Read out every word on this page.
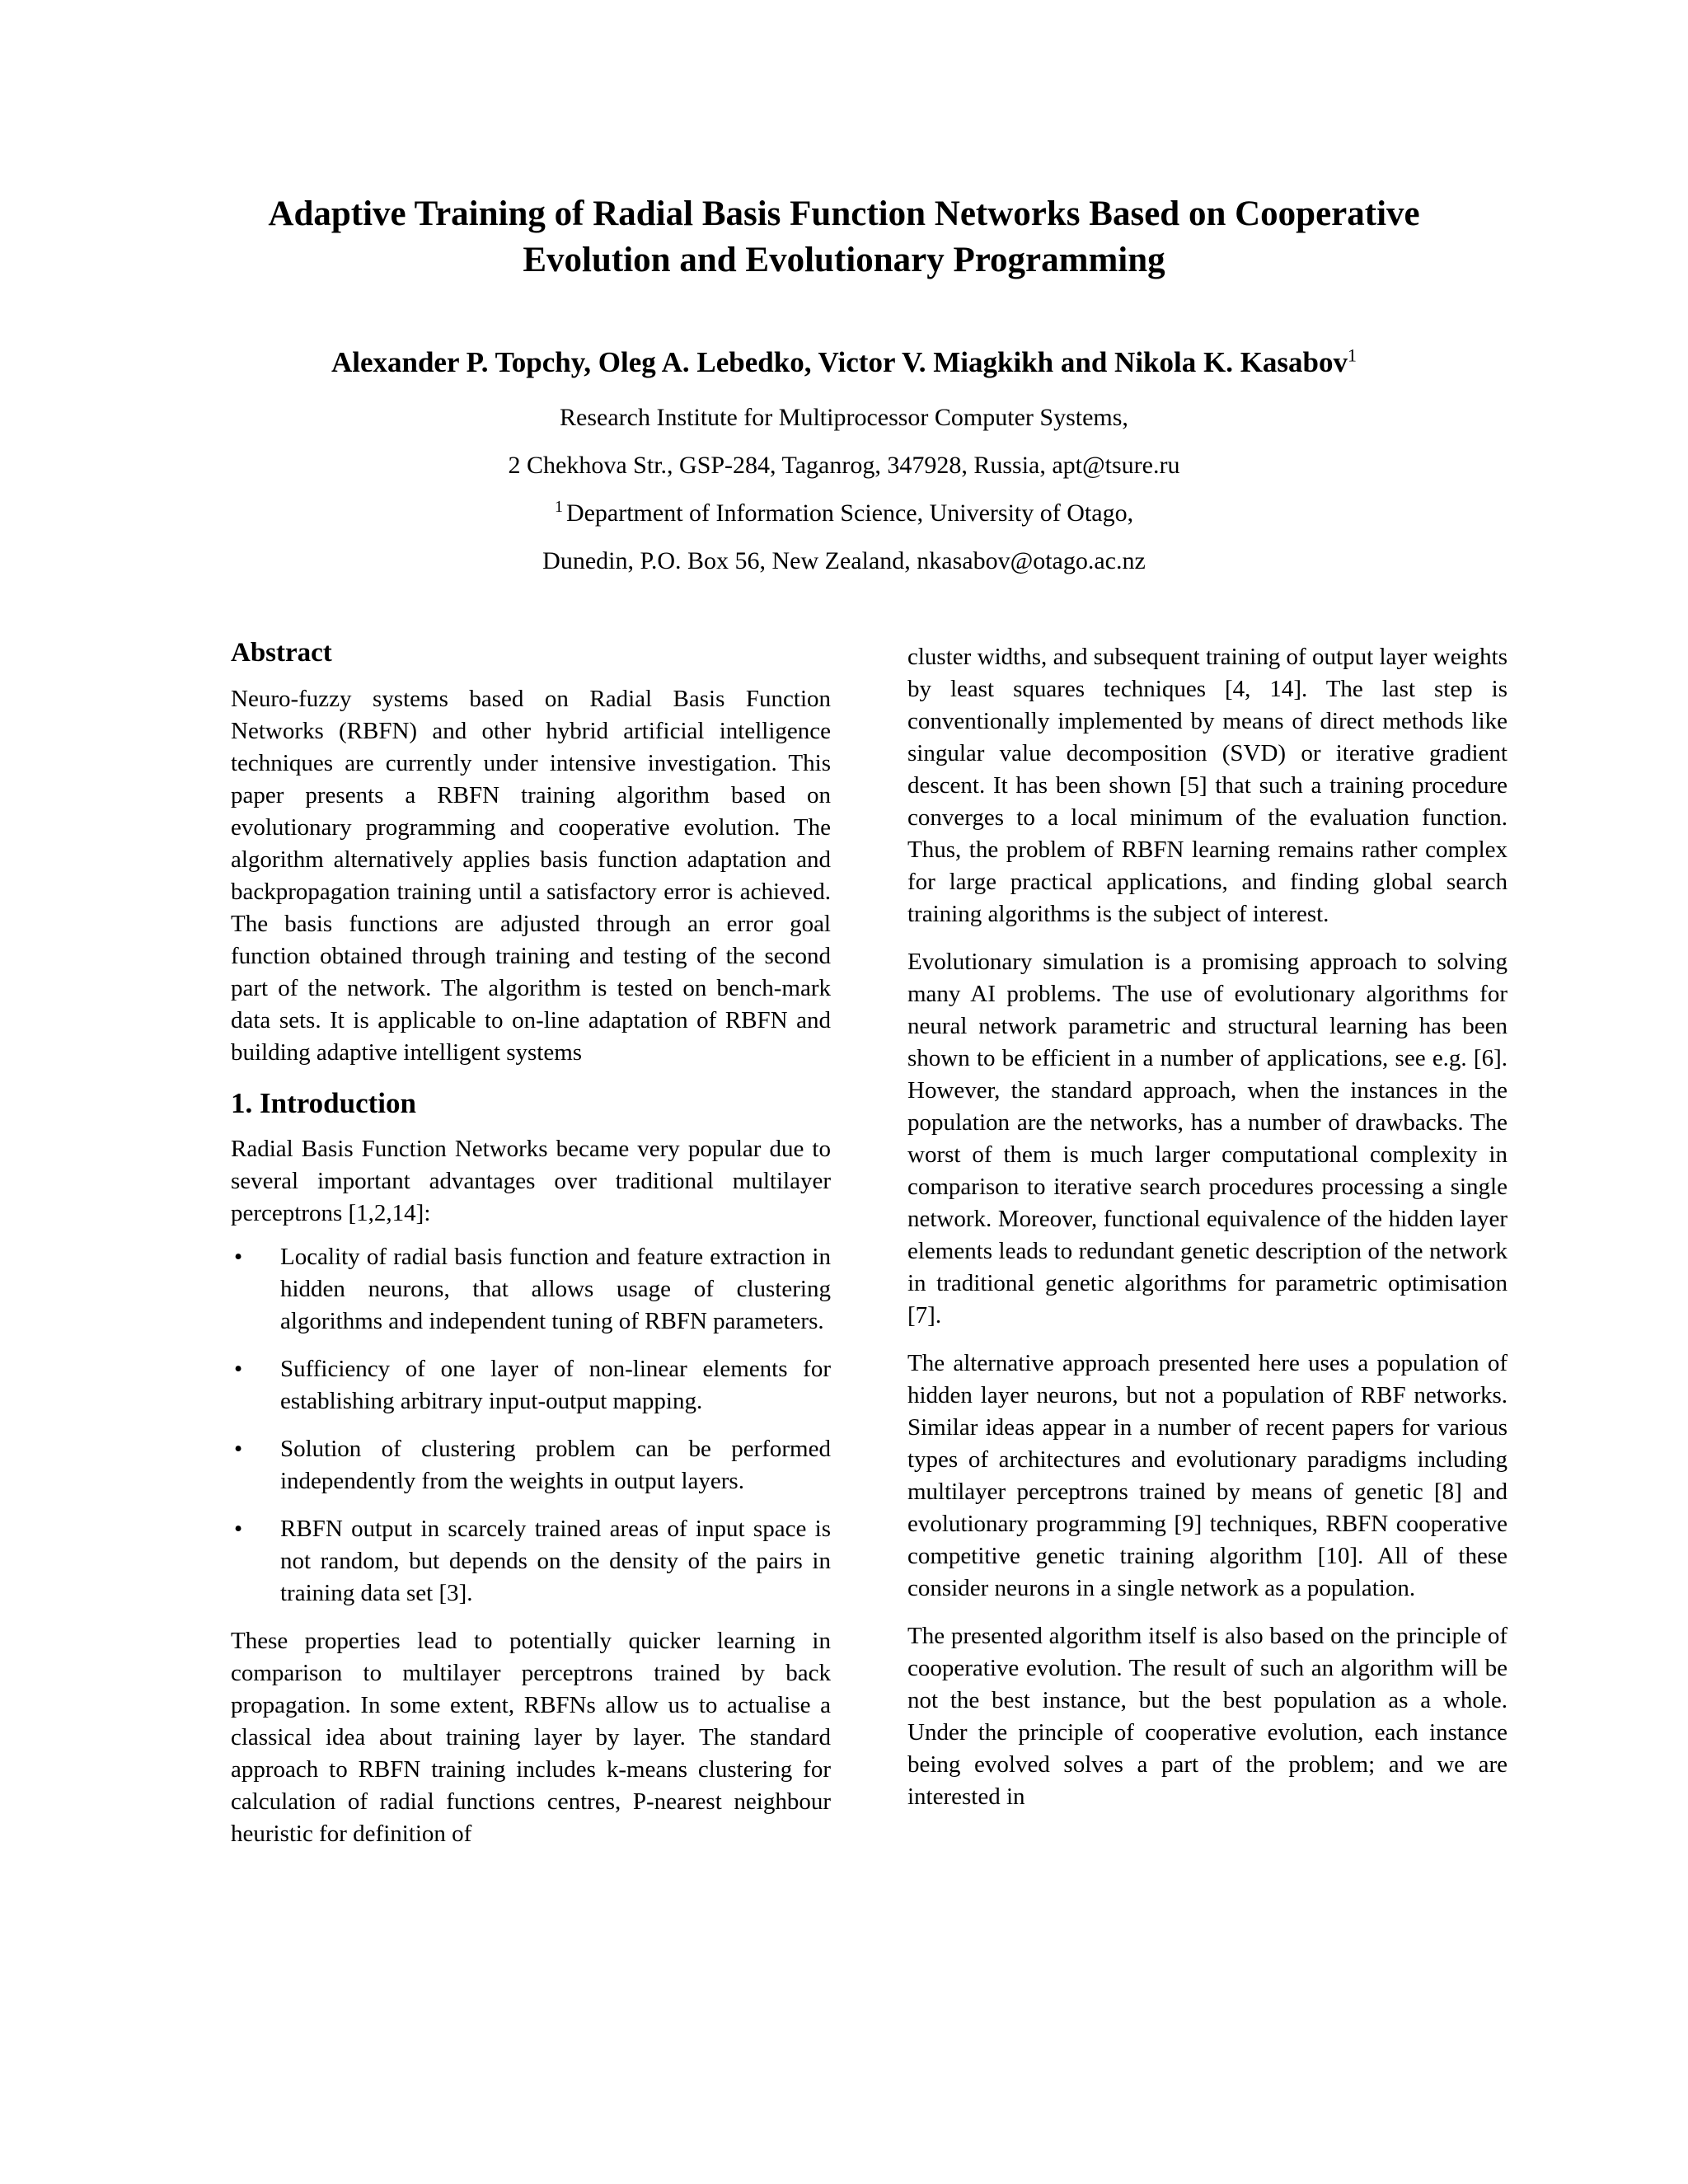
Adaptive Training of Radial Basis Function Networks Based on Cooperative
Evolution and Evolutionary Programming
Alexander P. Topchy, Oleg A. Lebedko, Victor V. Miagkikh and Nikola K. Kasabov$^1$
Research Institute for Multiprocessor Computer Systems,
2 Chekhova Str., GSP-284, Taganrog, 347928, Russia, apt@tsure.ru
$^1$ Department of Information Science, University of Otago,
Dunedin, P.O. Box 56, New Zealand, nkasabov@otago.ac.nz
Abstract

Neuro-fuzzy systems based on Radial Basis Function Networks (RBFN) and other hybrid artificial intelligence techniques are currently under intensive investigation. This paper presents a RBFN training algorithm based on evolutionary programming and cooperative evolution. The algorithm alternatively applies basis function adaptation and backpropagation training until a satisfactory error is achieved. The basis functions are adjusted through an error goal function obtained through training and testing of the second part of the network. The algorithm is tested on bench-mark data sets. It is applicable to on-line adaptation of RBFN and building adaptive intelligent systems

1. Introduction

Radial Basis Function Networks became very popular due to several important advantages over traditional multilayer perceptrons [1,2,14]:

• Locality of radial basis function and feature extraction in hidden neurons, that allows usage of clustering algorithms and independent tuning of RBFN parameters.
• Sufficiency of one layer of non-linear elements for establishing arbitrary input-output mapping.
• Solution of clustering problem can be performed independently from the weights in output layers.
• RBFN output in scarcely trained areas of input space is not random, but depends on the density of the pairs in training data set [3].

These properties lead to potentially quicker learning in comparison to multilayer perceptrons trained by back propagation. In some extent, RBFNs allow us to actualise a classical idea about training layer by layer. The standard approach to RBFN training includes k-means clustering for calculation of radial functions centres, P-nearest neighbour heuristic for definition of

cluster widths, and subsequent training of output layer weights by least squares techniques [4, 14]. The last step is conventionally implemented by means of direct methods like singular value decomposition (SVD) or iterative gradient descent. It has been shown [5] that such a training procedure converges to a local minimum of the evaluation function. Thus, the problem of RBFN learning remains rather complex for large practical applications, and finding global search training algorithms is the subject of interest.

Evolutionary simulation is a promising approach to solving many AI problems. The use of evolutionary algorithms for neural network parametric and structural learning has been shown to be efficient in a number of applications, see e.g. [6]. However, the standard approach, when the instances in the population are the networks, has a number of drawbacks. The worst of them is much larger computational complexity in comparison to iterative search procedures processing a single network. Moreover, functional equivalence of the hidden layer elements leads to redundant genetic description of the network in traditional genetic algorithms for parametric optimisation [7].

The alternative approach presented here uses a population of hidden layer neurons, but not a population of RBF networks. Similar ideas appear in a number of recent papers for various types of architectures and evolutionary paradigms including multilayer perceptrons trained by means of genetic [8] and evolutionary programming [9] techniques, RBFN cooperative competitive genetic training algorithm [10]. All of these consider neurons in a single network as a population.

The presented algorithm itself is also based on the principle of cooperative evolution. The result of such an algorithm will be not the best instance, but the best population as a whole. Under the principle of cooperative evolution, each instance being evolved solves a part of the problem; and we are interested in
